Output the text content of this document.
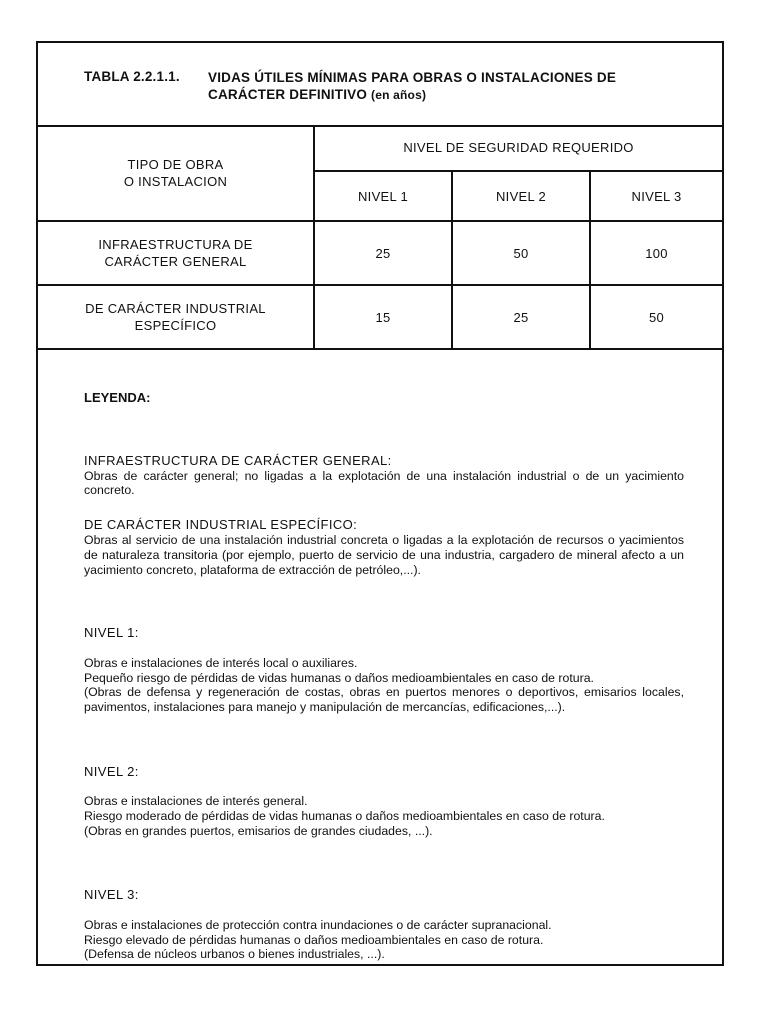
TABLA 2.2.1.1. VIDAS ÚTILES MÍNIMAS PARA OBRAS O INSTALACIONES DE CARÁCTER DEFINITIVO (en años)
TIPO DE OBRA
O INSTALACION	NIVEL DE SEGURIDAD REQUERIDO		
	NIVEL 1	NIVEL 2	NIVEL 3
INFRAESTRUCTURA DE
CARÁCTER GENERAL	25	50	100
DE CARÁCTER INDUSTRIAL
ESPECÍFICO	15	25	50
LEYENDA:
INFRAESTRUCTURA DE CARÁCTER GENERAL:
Obras de carácter general; no ligadas a la explotación de una instalación industrial o de un yacimiento concreto.
DE CARÁCTER INDUSTRIAL ESPECÍFICO:
Obras al servicio de una instalación industrial concreta o ligadas a la explotación de recursos o yacimientos de naturaleza transitoria (por ejemplo, puerto de servicio de una industria, cargadero de mineral afecto a un yacimiento concreto, plataforma de extracción de petróleo,...).

NIVEL 1:

Obras e instalaciones de interés local o auxiliares.
Pequeño riesgo de pérdidas de vidas humanas o daños medioambientales en caso de rotura.
(Obras de defensa y regeneración de costas, obras en puertos menores o deportivos, emisarios locales, pavimentos, instalaciones para manejo y manipulación de mercancías, edificaciones,...).

NIVEL 2:

Obras e instalaciones de interés general.
Riesgo moderado de pérdidas de vidas humanas o daños medioambientales en caso de rotura.
(Obras en grandes puertos, emisarios de grandes ciudades, ...).

NIVEL 3:

Obras e instalaciones de protección contra inundaciones o de carácter supranacional.
Riesgo elevado de pérdidas humanas o daños medioambientales en caso de rotura.
(Defensa de núcleos urbanos o bienes industriales, ...).
